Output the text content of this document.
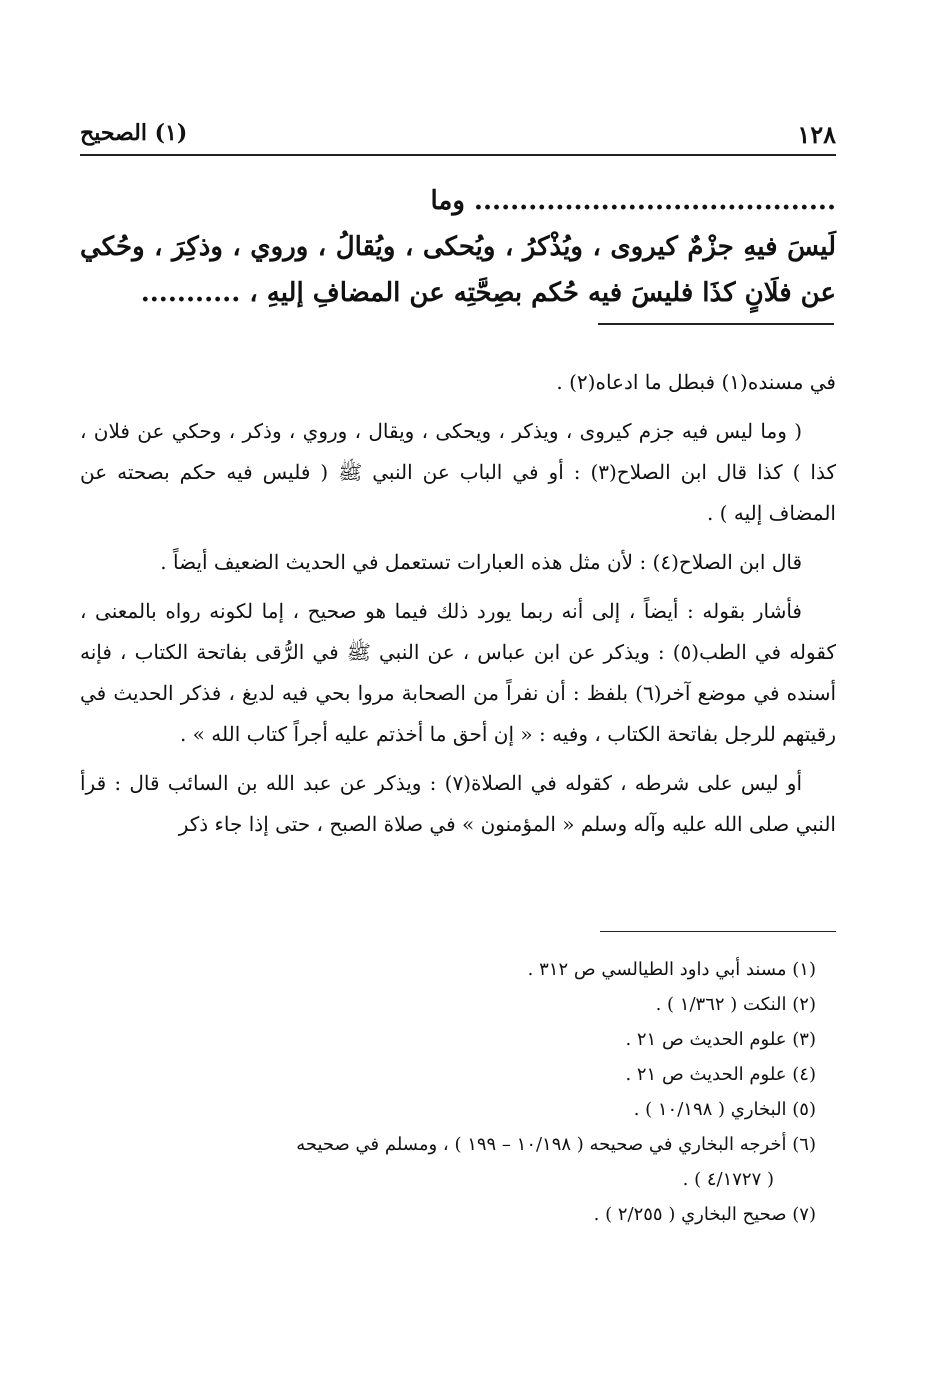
١٢٨
(١) الصحيح

........................................ وما

لَيسَ فيهِ جزْمٌ كيروى ، ويُذْكرُ ، ويُحكى ، ويُقالُ ، وروي ، وذكِرَ ، وحُكي عن فلَانٍ كذَا فليسَ فيه حُكم بصِحَّتِه عن المضافِ إليهِ ، ...........

في مسنده(١) فبطل ما ادعاه(٢) .

( وما ليس فيه جزم كيروى ، ويذكر ، ويحكى ، ويقال ، وروي ، وذكر ، وحكي عن فلان ، كذا ) كذا قال ابن الصلاح(٣) : أو في الباب عن النبي ﷺ ( فليس فيه حكم بصحته عن المضاف إليه ) .

قال ابن الصلاح(٤) : لأن مثل هذه العبارات تستعمل في الحديث الضعيف أيضاً .

فأشار بقوله : أيضاً ، إلى أنه ربما يورد ذلك فيما هو صحيح ، إما لكونه رواه بالمعنى ، كقوله في الطب(٥) : ويذكر عن ابن عباس ، عن النبي ﷺ في الرُّقى بفاتحة الكتاب ، فإنه أسنده في موضع آخر(٦) بلفظ : أن نفراً من الصحابة مروا بحي فيه لديغ ، فذكر الحديث في رقيتهم للرجل بفاتحة الكتاب ، وفيه : « إن أحق ما أخذتم عليه أجراً كتاب الله » .

أو ليس على شرطه ، كقوله في الصلاة(٧) : ويذكر عن عبد الله بن السائب قال : قرأ النبي صلى الله عليه وآله وسلم « المؤمنون » في صلاة الصبح ، حتى إذا جاء ذكر

(١) مسند أبي داود الطيالسي ص ٣١٢ .

(٢) النكت ( ١/٣٦٢ ) .

(٣) علوم الحديث ص ٢١ .

(٤) علوم الحديث ص ٢١ .

(٥) البخاري ( ١٠/١٩٨ ) .

(٦) أخرجه البخاري في صحيحه ( ١٠/١٩٨ – ١٩٩ ) ، ومسلم في صحيحه

( ٤/١٧٢٧ ) .

(٧) صحيح البخاري ( ٢/٢٥٥ ) .
